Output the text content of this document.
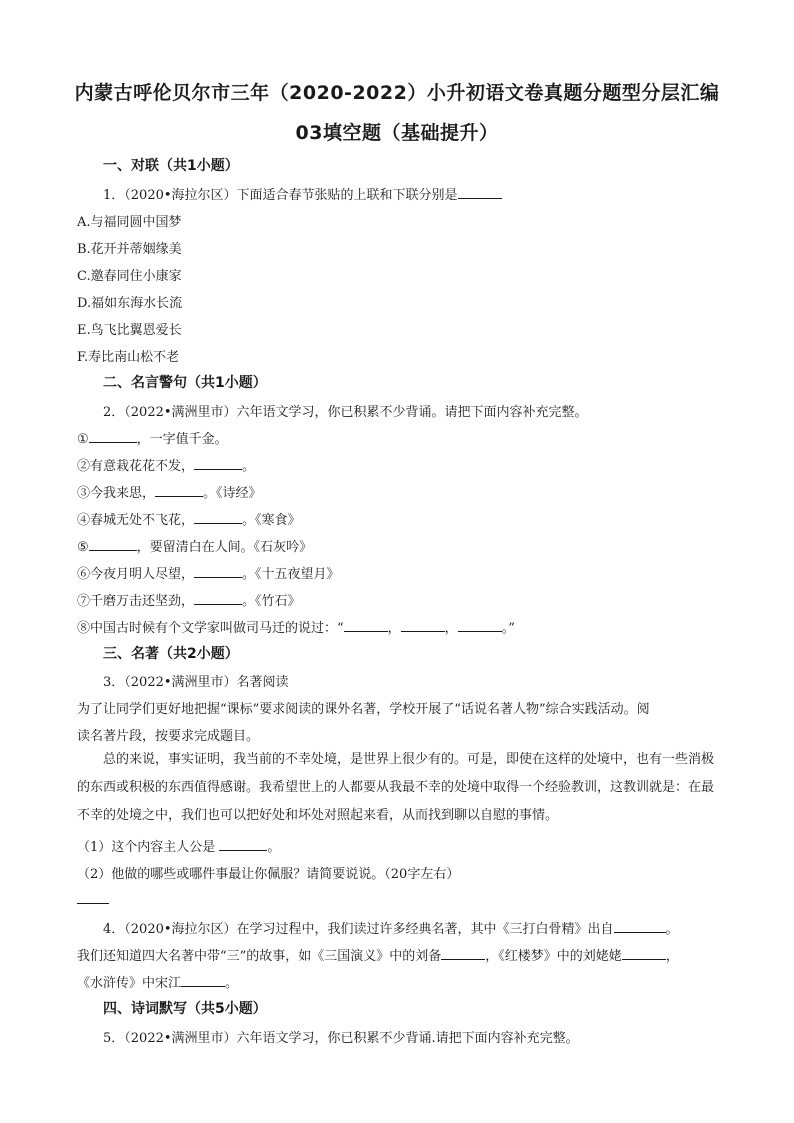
内蒙古呼伦贝尔市三年（2020-2022）小升初语文卷真题分题型分层汇编
03填空题（基础提升）
一、对联（共1小题）
1．（2020•海拉尔区）下面适合春节张贴的上联和下联分别是
A.与福同圆中国梦
B.花开并蒂姻缘美
C.邀春同住小康家
D.福如东海水长流
E.鸟飞比翼恩爱长
F.寿比南山松不老
二、名言警句（共1小题）
2．（2022•满洲里市）六年语文学习，你已积累不少背诵。请把下面内容补充完整。
①	，一字值千金。
②有意栽花花不发，	。
③今我来思，	。《诗经》
④春城无处不飞花，	。《寒食》
⑤	，要留清白在人间。《石灰吟》
⑥今夜月明人尽望，	。《十五夜望月》
⑦千磨万击还坚劲，	。《竹石》
⑧中国古时候有个文学家叫做司马迁的说过：“	，	，	。”
三、名著（共2小题）
3．（2022•满洲里市）名著阅读
为了让同学们更好地把握“课标”要求阅读的课外名著，学校开展了“话说名著人物”综合实践活动。阅
读名著片段，按要求完成题目。
总的来说，事实证明，我当前的不幸处境，是世界上很少有的。可是，即使在这样的处境中，也有一些消极的东西或积极的东西值得感谢。我希望世上的人都要从我最不幸的处境中取得一个经验教训，这教训就是：在最不幸的处境之中，我们也可以把好处和坏处对照起来看，从而找到聊以自慰的事情。
（1）这个内容主人公是	。
（2）他做的哪些或哪件事最让你佩服？请简要说说。（20字左右）
4．（2020•海拉尔区）在学习过程中，我们读过许多经典名著，其中《三打白骨精》出自	。
我们还知道四大名著中带“三”的故事，如《三国演义》中的刘备	，《红楼梦》中的刘姥姥	，
《水浒传》中宋江	。
四、诗词默写（共5小题）
5．（2022•满洲里市）六年语文学习，你已积累不少背诵.请把下面内容补充完整。
